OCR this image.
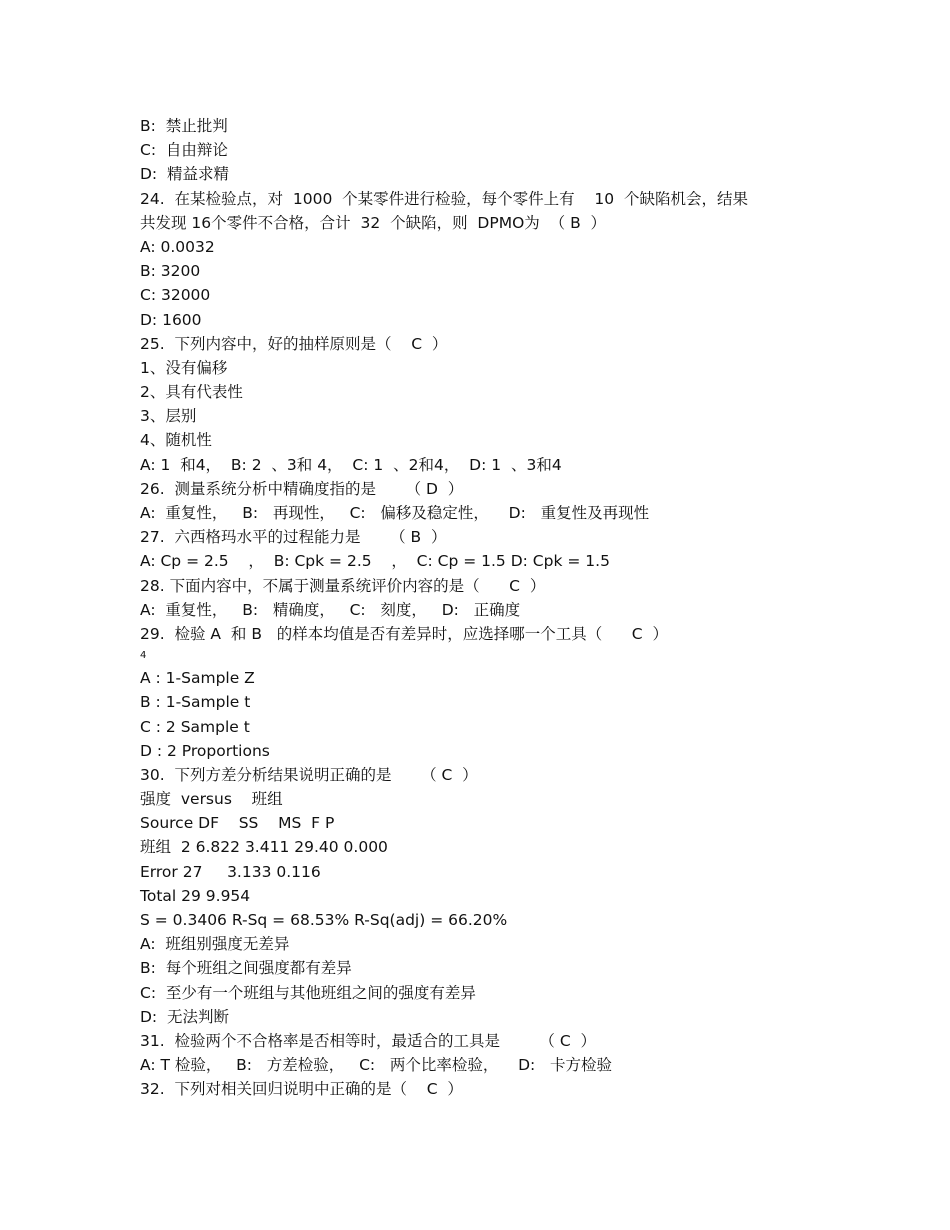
B:  禁止批判
C:  自由辩论
D:  精益求精
24.  在某检验点，对  1000  个某零件进行检验，每个零件上有    10  个缺陷机会，结果
共发现 16个零件不合格，合计  32  个缺陷，则  DPMO为  （ B  ）
A: 0.0032
B: 3200
C: 32000
D: 1600
25.  下列内容中，好的抽样原则是（    C  ）
1、没有偏移
2、具有代表性
3、层别
4、随机性
A: 1  和4，  B: 2  、3和 4，  C: 1  、2和4，  D: 1  、3和4
26.  测量系统分析中精确度指的是      （ D  ）
A:  重复性，   B:   再现性，   C:   偏移及稳定性，    D:   重复性及再现性
27.  六西格玛水平的过程能力是      （ B  ）
A: Cp = 2.5    ，  B: Cpk = 2.5    ，  C: Cp = 1.5 D: Cpk = 1.5
28. 下面内容中，不属于测量系统评价内容的是（      C  ）
A:  重复性，   B:   精确度，   C:   刻度，   D:   正确度
29.  检验 A  和 B   的样本均值是否有差异时，应选择哪一个工具（      C  ）
4
A : 1-Sample Z
B : 1-Sample t
C : 2 Sample t
D : 2 Proportions
30.  下列方差分析结果说明正确的是      （ C  ）
强度  versus    班组
Source DF    SS    MS  F P
班组  2 6.822 3.411 29.40 0.000
Error 27     3.133 0.116
Total 29 9.954
S = 0.3406 R-Sq = 68.53% R-Sq(adj) = 66.20%
A:  班组别强度无差异
B:  每个班组之间强度都有差异
C:  至少有一个班组与其他班组之间的强度有差异
D:  无法判断
31.  检验两个不合格率是否相等时，最适合的工具是        （ C  ）
A: T 检验，   B:   方差检验，   C:   两个比率检验，    D:   卡方检验
32.  下列对相关回归说明中正确的是（    C  ）
